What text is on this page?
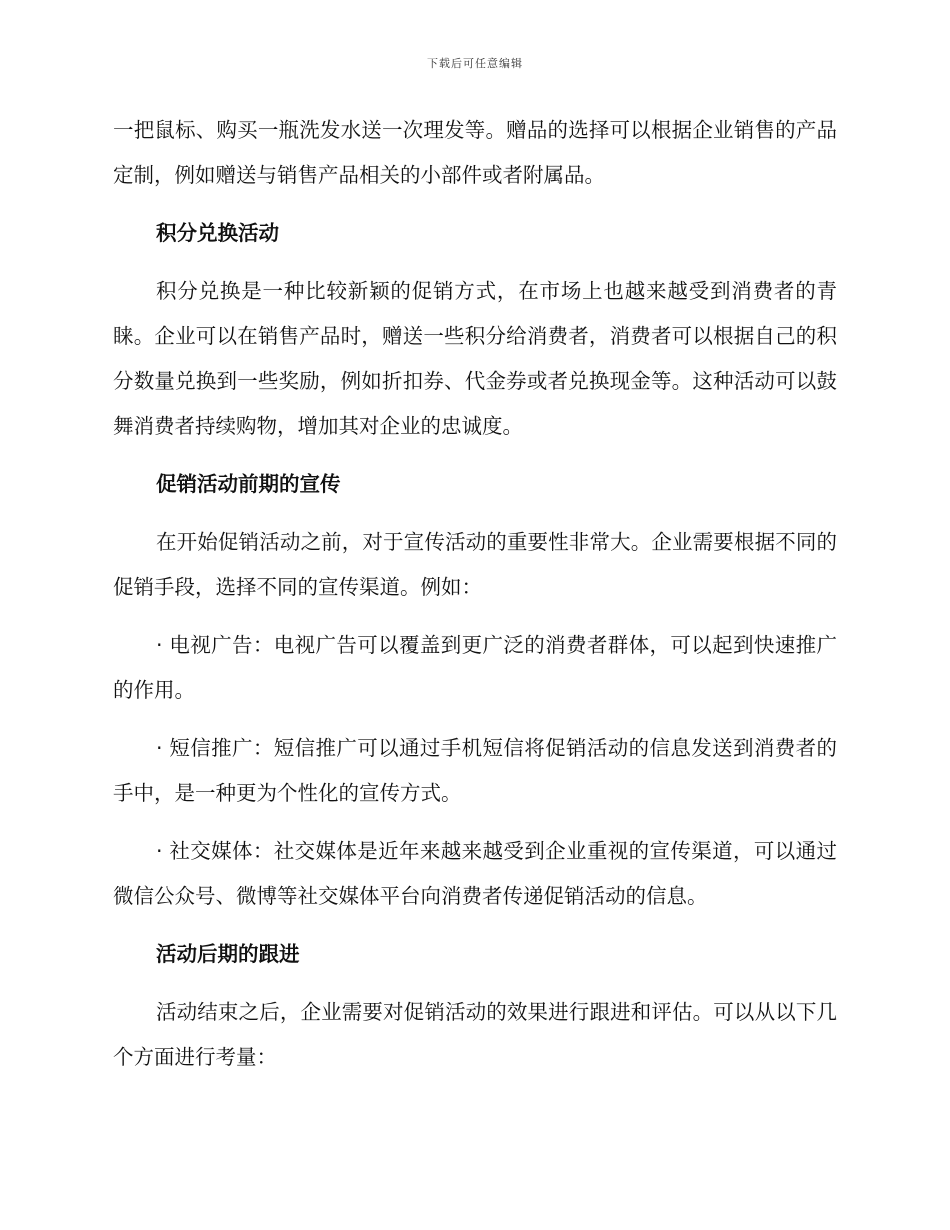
下载后可任意编辑

一把鼠标、购买一瓶洗发水送一次理发等。赠品的选择可以根据企业销售的产品定制，例如赠送与销售产品相关的小部件或者附属品。

积分兑换活动

积分兑换是一种比较新颖的促销方式，在市场上也越来越受到消费者的青睐。企业可以在销售产品时，赠送一些积分给消费者，消费者可以根据自己的积分数量兑换到一些奖励，例如折扣券、代金券或者兑换现金等。这种活动可以鼓舞消费者持续购物，增加其对企业的忠诚度。

促销活动前期的宣传

在开始促销活动之前，对于宣传活动的重要性非常大。企业需要根据不同的促销手段，选择不同的宣传渠道。例如：

· 电视广告：电视广告可以覆盖到更广泛的消费者群体，可以起到快速推广的作用。

· 短信推广：短信推广可以通过手机短信将促销活动的信息发送到消费者的手中，是一种更为个性化的宣传方式。

· 社交媒体：社交媒体是近年来越来越受到企业重视的宣传渠道，可以通过微信公众号、微博等社交媒体平台向消费者传递促销活动的信息。

活动后期的跟进

活动结束之后，企业需要对促销活动的效果进行跟进和评估。可以从以下几个方面进行考量：
